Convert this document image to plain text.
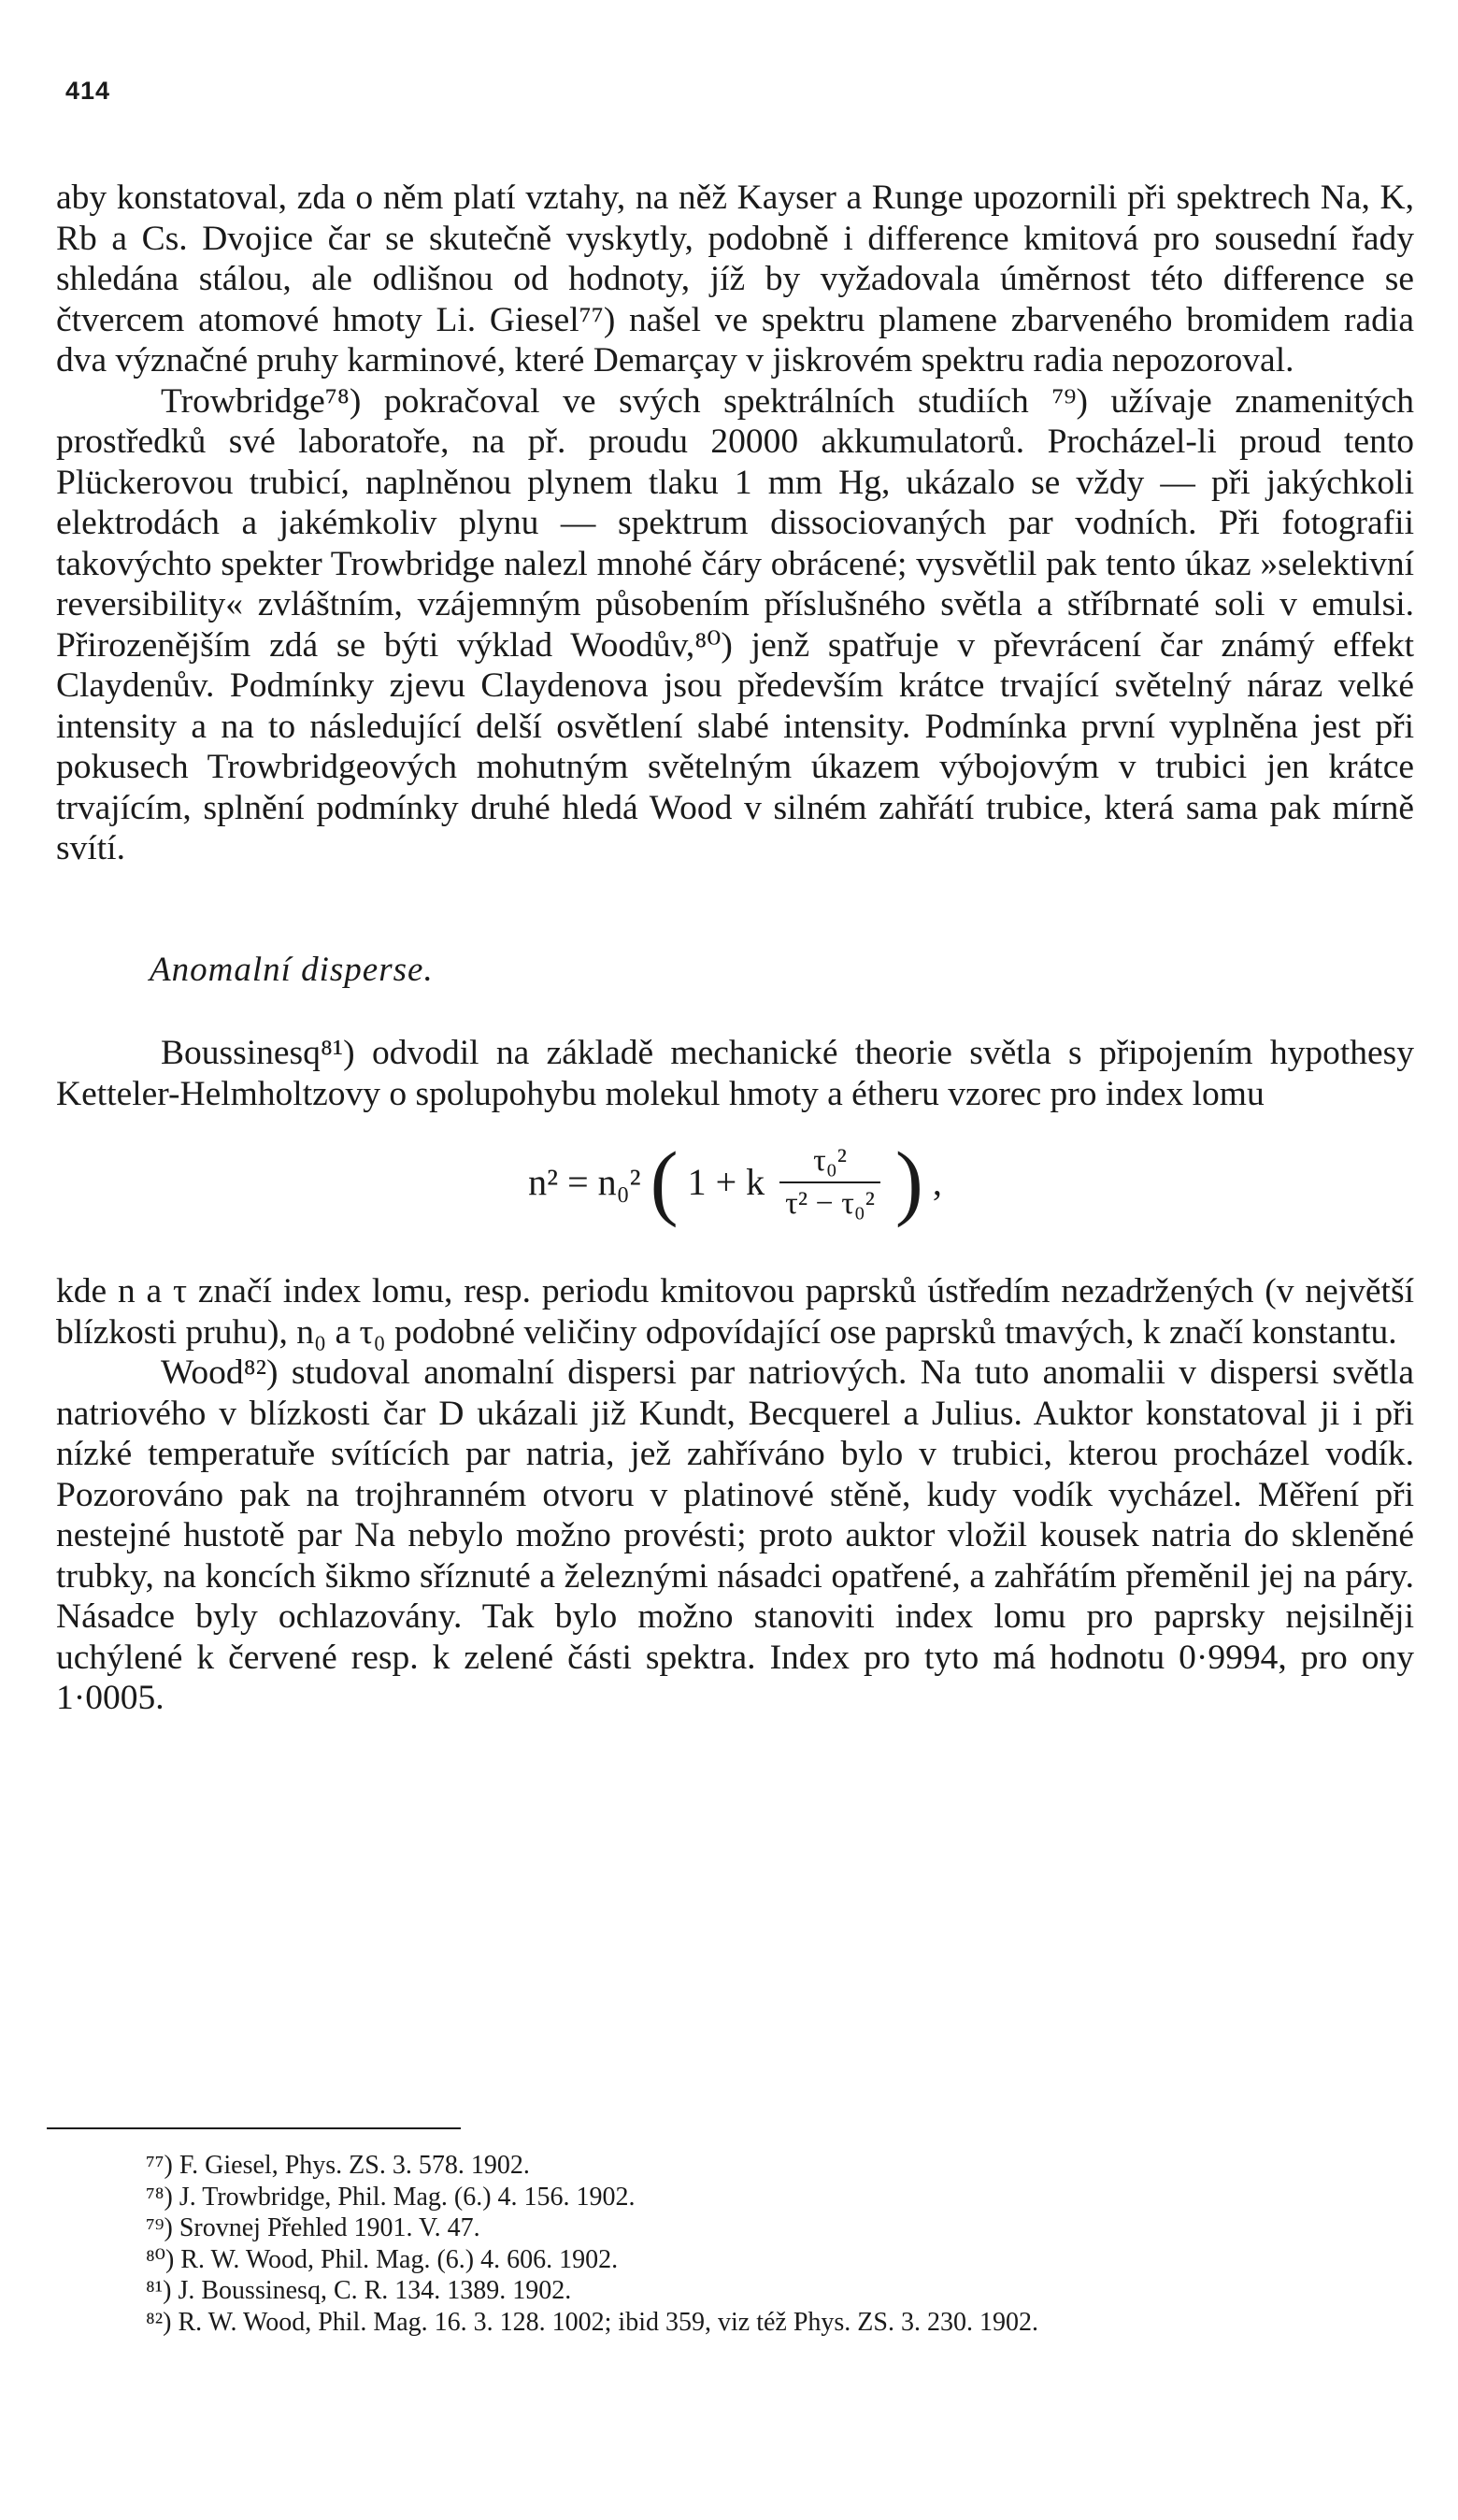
414

aby konstatoval, zda o něm platí vztahy, na něž Kayser a Runge upozornili při spektrech Na, K, Rb a Cs. Dvojice čar se skutečně vyskytly, podobně i difference kmitová pro sousední řady shledána stálou, ale odlišnou od hodnoty, jíž by vyžadovala úměrnost této difference se čtvercem atomové hmoty Li. Giesel⁷⁷) našel ve spektru plamene zbarveného bromidem radia dva význačné pruhy karminové, které Demarçay v jiskrovém spektru radia nepozoroval.

Trowbridge⁷⁸) pokračoval ve svých spektrálních studiích ⁷⁹) užívaje znamenitých prostředků své laboratoře, na př. proudu 20000 akkumulatorů. Procházel-li proud tento Plückerovou trubicí, naplněnou plynem tlaku 1 mm Hg, ukázalo se vždy — při jakýchkoli elektrodách a jakémkoliv plynu — spektrum dissociovaných par vodních. Při fotografii takovýchto spekter Trowbridge nalezl mnohé čáry obrácené; vysvětlil pak tento úkaz »selektivní reversibility« zvláštním, vzájemným působením příslušného světla a stříbrnaté soli v emulsi. Přirozenějším zdá se býti výklad Woodův,⁸⁰) jenž spatřuje v převrácení čar známý effekt Claydenův. Podmínky zjevu Claydenova jsou především krátce trvající světelný náraz velké intensity a na to následující delší osvětlení slabé intensity. Podmínka první vyplněna jest při pokusech Trowbridgeových mohutným světelným úkazem výbojovým v trubici jen krátce trvajícím, splnění podmínky druhé hledá Wood v silném zahřátí trubice, která sama pak mírně svítí.

Anomalní disperse.

Boussinesq⁸¹) odvodil na základě mechanické theorie světla s připojením hypothesy Ketteler-Helmholtzovy o spolupohybu molekul hmoty a étheru vzorec pro index lomu

n² = n₀² ( 1 + k $\frac{\text{τ₀²}}{\text{τ² − τ₀²}}$ ) ,

kde n a τ značí index lomu, resp. periodu kmitovou paprsků ústředím nezadržených (v největší blízkosti pruhu), n₀ a τ₀ podobné veličiny odpovídající ose paprsků tmavých, k značí konstantu.

Wood⁸²) studoval anomalní dispersi par natriových. Na tuto anomalii v dispersi světla natriového v blízkosti čar D ukázali již Kundt, Becquerel a Julius. Auktor konstatoval ji i při nízké temperatuře svítících par natria, jež zahříváno bylo v trubici, kterou procházel vodík. Pozorováno pak na trojhranném otvoru v platinové stěně, kudy vodík vycházel. Měření při nestejné hustotě par Na nebylo možno provésti; proto auktor vložil kousek natria do skleněné trubky, na koncích šikmo sříznuté a železnými násadci opatřené, a zahřátím přeměnil jej na páry. Násadce byly ochlazovány. Tak bylo možno stanoviti index lomu pro paprsky nejsilněji uchýlené k červené resp. k zelené části spektra. Index pro tyto má hodnotu 0·9994, pro ony 1·0005.

⁷⁷) F. Giesel, Phys. ZS. 3. 578. 1902.
⁷⁸) J. Trowbridge, Phil. Mag. (6.) 4. 156. 1902.
⁷⁹) Srovnej Přehled 1901. V. 47.
⁸⁰) R. W. Wood, Phil. Mag. (6.) 4. 606. 1902.
⁸¹) J. Boussinesq, C. R. 134. 1389. 1902.
⁸²) R. W. Wood, Phil. Mag. 16. 3. 128. 1002; ibid 359, viz též Phys. ZS. 3. 230. 1902.
